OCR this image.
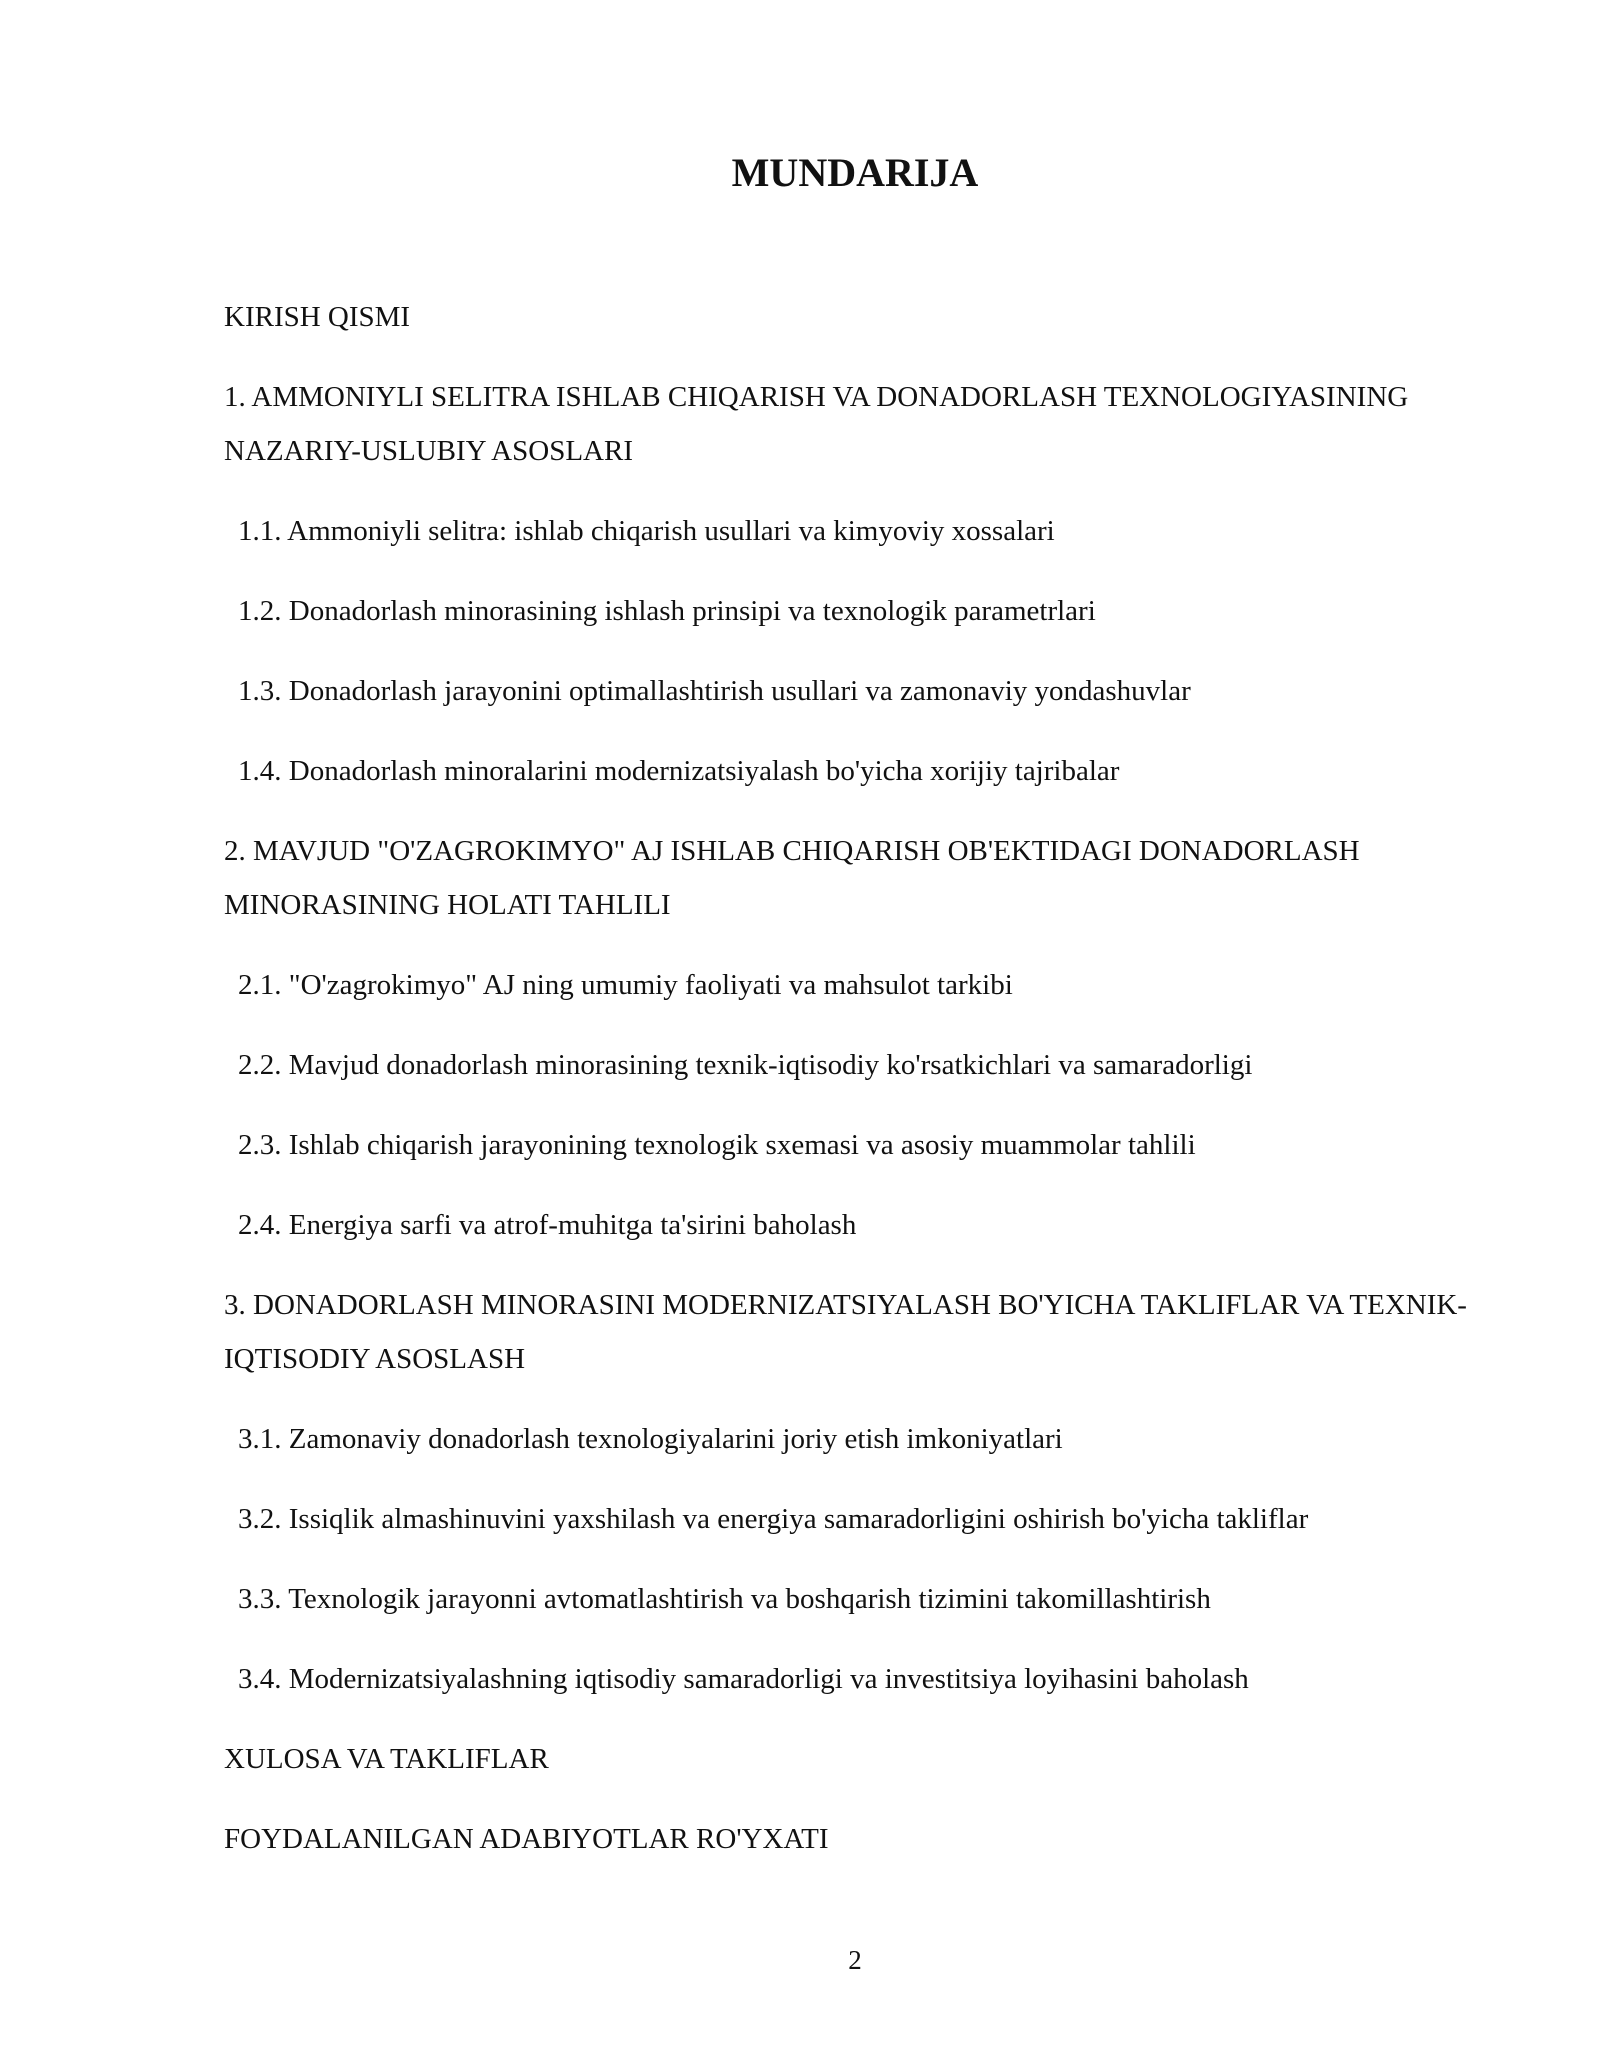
MUNDARIJA
KIRISH QISMI
1. AMMONIYLI SELITRA ISHLAB CHIQARISH VA DONADORLASH TEXNOLOGIYASINING NAZARIY-USLUBIY ASOSLARI
1.1. Ammoniyli selitra: ishlab chiqarish usullari va kimyoviy xossalari
1.2. Donadorlash minorasining ishlash prinsipi va texnologik parametrlari
1.3. Donadorlash jarayonini optimallashtirish usullari va zamonaviy yondashuvlar
1.4. Donadorlash minoralarini modernizatsiyalash bo'yicha xorijiy tajribalar
2. MAVJUD "O'ZAGROKIMYO" AJ ISHLAB CHIQARISH OB'EKTIDAGI DONADORLASH MINORASINING HOLATI TAHLILI
2.1. "O'zagrokimyo" AJ ning umumiy faoliyati va mahsulot tarkibi
2.2. Mavjud donadorlash minorasining texnik-iqtisodiy ko'rsatkichlari va samaradorligi
2.3. Ishlab chiqarish jarayonining texnologik sxemasi va asosiy muammolar tahlili
2.4. Energiya sarfi va atrof-muhitga ta'sirini baholash
3. DONADORLASH MINORASINI MODERNIZATSIYALASH BO'YICHA TAKLIFLAR VA TEXNIK-IQTISODIY ASOSLASH
3.1. Zamonaviy donadorlash texnologiyalarini joriy etish imkoniyatlari
3.2. Issiqlik almashinuvini yaxshilash va energiya samaradorligini oshirish bo'yicha takliflar
3.3. Texnologik jarayonni avtomatlashtirish va boshqarish tizimini takomillashtirish
3.4. Modernizatsiyalashning iqtisodiy samaradorligi va investitsiya loyihasini baholash
XULOSA VA TAKLIFLAR
FOYDALANILGAN ADABIYOTLAR RO'YXATI
2
